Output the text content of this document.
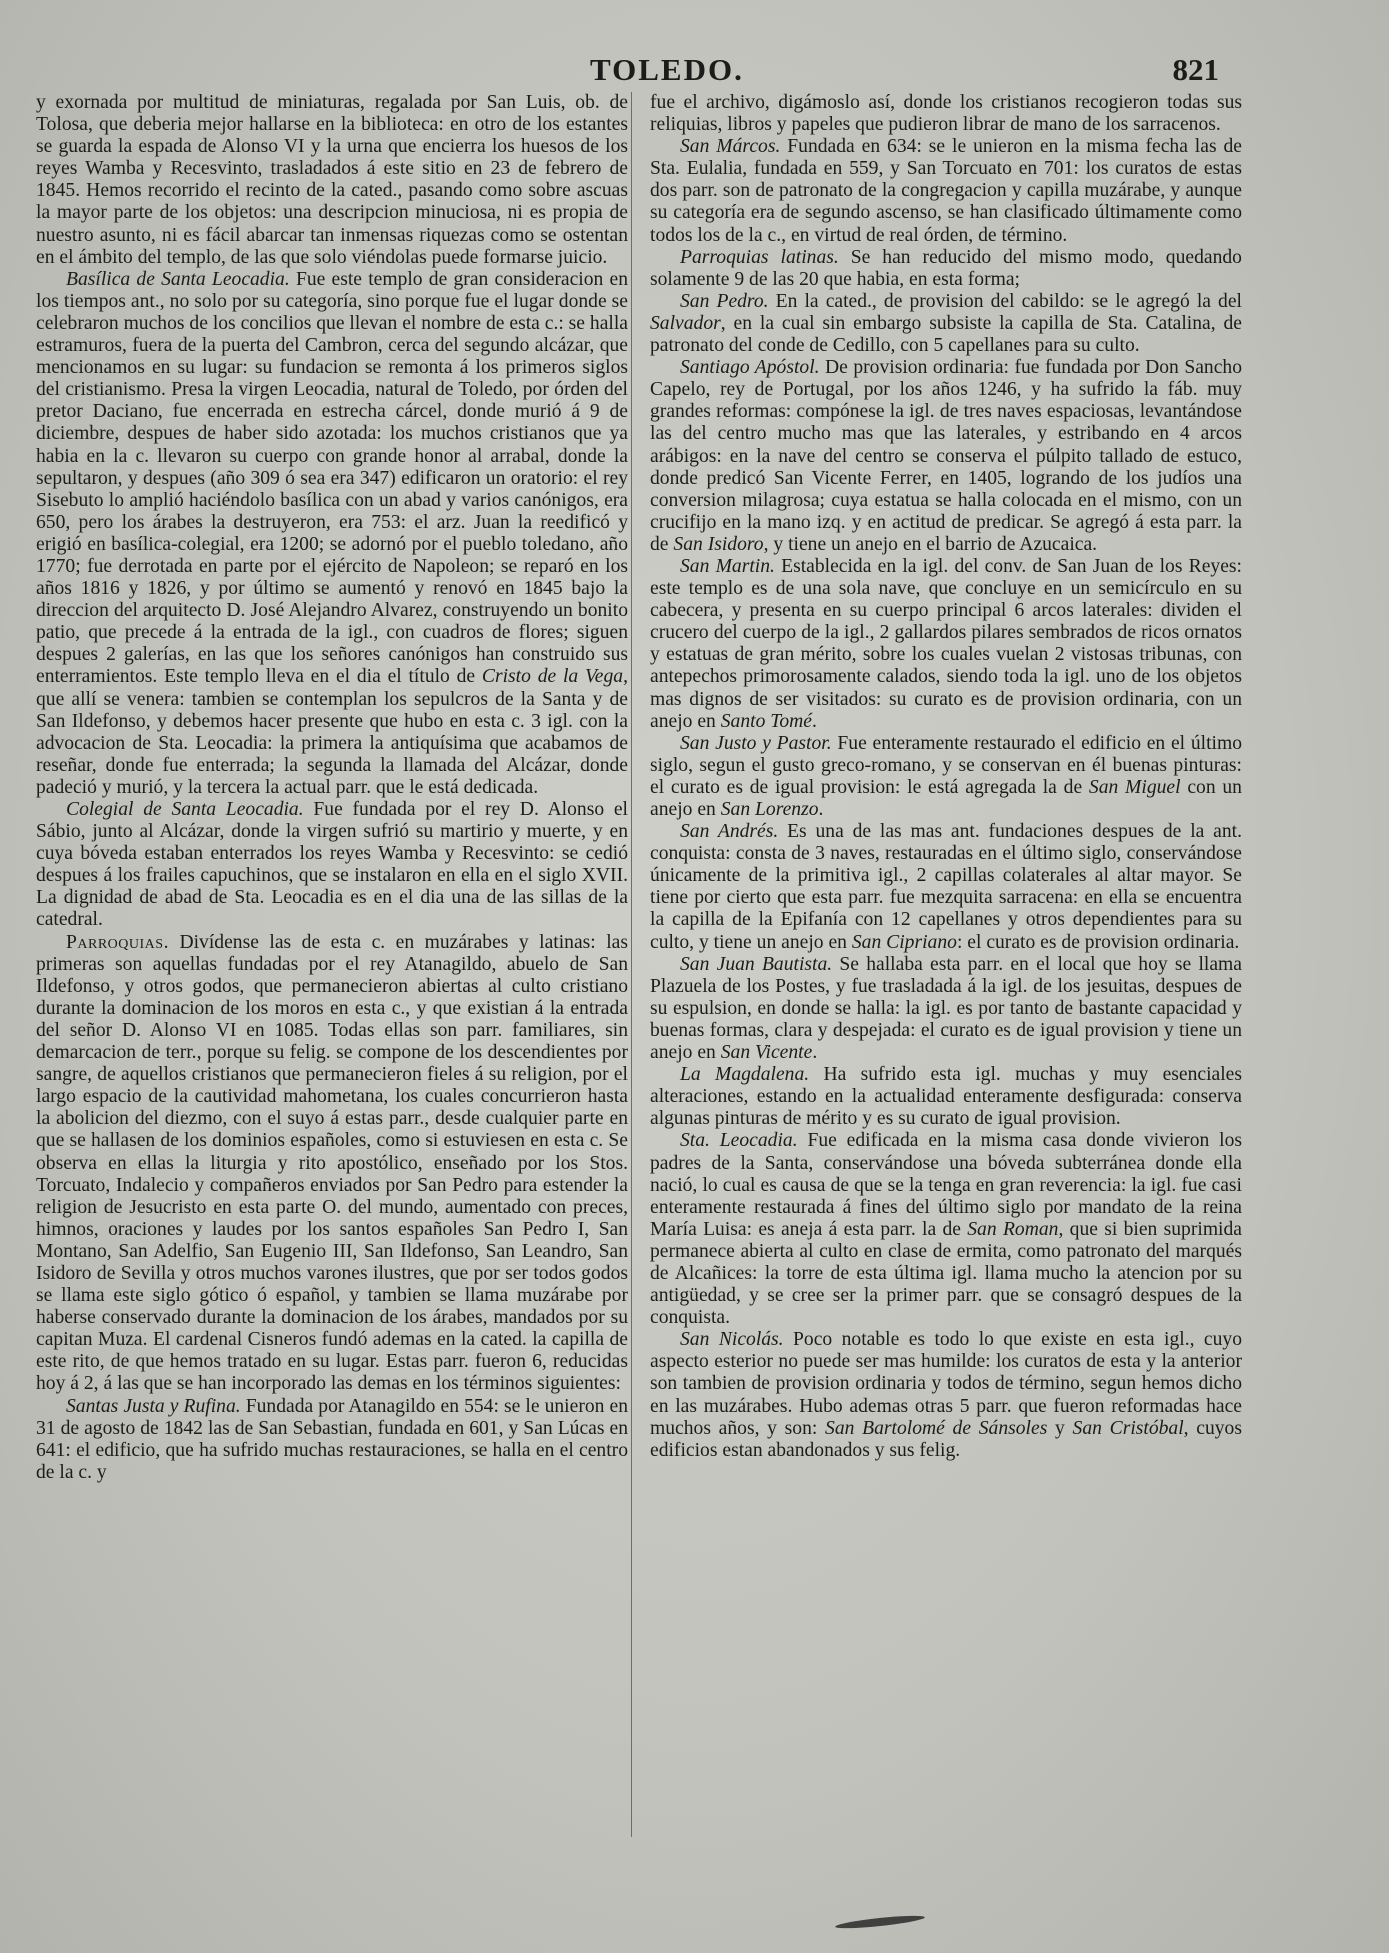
TOLEDO.	821

y exornada por multitud de miniaturas, regalada por San Luis, ob. de Tolosa, que deberia mejor hallarse en la biblioteca: en otro de los estantes se guarda la espada de Alonso VI y la urna que encierra los huesos de los reyes Wamba y Recesvinto, trasladados á este sitio en 23 de febrero de 1845. Hemos recorrido el recinto de la cated., pasando como sobre ascuas la mayor parte de los objetos: una descripcion minuciosa, ni es propia de nuestro asunto, ni es fácil abarcar tan inmensas riquezas como se ostentan en el ámbito del templo, de las que solo viéndolas puede formarse juicio.

Basílica de Santa Leocadia. Fue este templo de gran consideracion en los tiempos ant., no solo por su categoría, sino porque fue el lugar donde se celebraron muchos de los concilios que llevan el nombre de esta c.: se halla estramuros, fuera de la puerta del Cambron, cerca del segundo alcázar, que mencionamos en su lugar: su fundacion se remonta á los primeros siglos del cristianismo. Presa la virgen Leocadia, natural de Toledo, por órden del pretor Daciano, fue encerrada en estrecha cárcel, donde murió á 9 de diciembre, despues de haber sido azotada: los muchos cristianos que ya habia en la c. llevaron su cuerpo con grande honor al arrabal, donde la sepultaron, y despues (año 309 ó sea era 347) edificaron un oratorio: el rey Sisebuto lo amplió haciéndolo basílica con un abad y varios canónigos, era 650, pero los árabes la destruyeron, era 753: el arz. Juan la reedificó y erigió en basílica-colegial, era 1200; se adornó por el pueblo toledano, año 1770; fue derrotada en parte por el ejército de Napoleon; se reparó en los años 1816 y 1826, y por último se aumentó y renovó en 1845 bajo la direccion del arquitecto D. José Alejandro Alvarez, construyendo un bonito patio, que precede á la entrada de la igl., con cuadros de flores; siguen despues 2 galerías, en las que los señores canónigos han construido sus enterramientos. Este templo lleva en el dia el título de Cristo de la Vega, que allí se venera: tambien se contemplan los sepulcros de la Santa y de San Ildefonso, y debemos hacer presente que hubo en esta c. 3 igl. con la advocacion de Sta. Leocadia: la primera la antiquísima que acabamos de reseñar, donde fue enterrada; la segunda la llamada del Alcázar, donde padeció y murió, y la tercera la actual parr. que le está dedicada.

Colegial de Santa Leocadia. Fue fundada por el rey D. Alonso el Sábio, junto al Alcázar, donde la virgen sufrió su martirio y muerte, y en cuya bóveda estaban enterrados los reyes Wamba y Recesvinto: se cedió despues á los frailes capuchinos, que se instalaron en ella en el siglo XVII. La dignidad de abad de Sta. Leocadia es en el dia una de las sillas de la catedral.

Parroquias. Divídense las de esta c. en muzárabes y latinas: las primeras son aquellas fundadas por el rey Atanagildo, abuelo de San Ildefonso, y otros godos, que permanecieron abiertas al culto cristiano durante la dominacion de los moros en esta c., y que existian á la entrada del señor D. Alonso VI en 1085. Todas ellas son parr. familiares, sin demarcacion de terr., porque su felig. se compone de los descendientes por sangre, de aquellos cristianos que permanecieron fieles á su religion, por el largo espacio de la cautividad mahometana, los cuales concurrieron hasta la abolicion del diezmo, con el suyo á estas parr., desde cualquier parte en que se hallasen de los dominios españoles, como si estuviesen en esta c. Se observa en ellas la liturgia y rito apostólico, enseñado por los Stos. Torcuato, Indalecio y compañeros enviados por San Pedro para estender la religion de Jesucristo en esta parte O. del mundo, aumentado con preces, himnos, oraciones y laudes por los santos españoles San Pedro I, San Montano, San Adelfio, San Eugenio III, San Ildefonso, San Leandro, San Isidoro de Sevilla y otros muchos varones ilustres, que por ser todos godos se llama este siglo gótico ó español, y tambien se llama muzárabe por haberse conservado durante la dominacion de los árabes, mandados por su capitan Muza. El cardenal Cisneros fundó ademas en la cated. la capilla de este rito, de que hemos tratado en su lugar. Estas parr. fueron 6, reducidas hoy á 2, á las que se han incorporado las demas en los términos siguientes:

Santas Justa y Rufina. Fundada por Atanagildo en 554: se le unieron en 31 de agosto de 1842 las de San Sebastian, fundada en 601, y San Lúcas en 641: el edificio, que ha sufrido muchas restauraciones, se halla en el centro de la c. y

fue el archivo, digámoslo así, donde los cristianos recogieron todas sus reliquias, libros y papeles que pudieron librar de mano de los sarracenos.

San Márcos. Fundada en 634: se le unieron en la misma fecha las de Sta. Eulalia, fundada en 559, y San Torcuato en 701: los curatos de estas dos parr. son de patronato de la congregacion y capilla muzárabe, y aunque su categoría era de segundo ascenso, se han clasificado últimamente como todos los de la c., en virtud de real órden, de término.

Parroquias latinas. Se han reducido del mismo modo, quedando solamente 9 de las 20 que habia, en esta forma;

San Pedro. En la cated., de provision del cabildo: se le agregó la del Salvador, en la cual sin embargo subsiste la capilla de Sta. Catalina, de patronato del conde de Cedillo, con 5 capellanes para su culto.

Santiago Apóstol. De provision ordinaria: fue fundada por Don Sancho Capelo, rey de Portugal, por los años 1246, y ha sufrido la fáb. muy grandes reformas: compónese la igl. de tres naves espaciosas, levantándose las del centro mucho mas que las laterales, y estribando en 4 arcos arábigos: en la nave del centro se conserva el púlpito tallado de estuco, donde predicó San Vicente Ferrer, en 1405, logrando de los judíos una conversion milagrosa; cuya estatua se halla colocada en el mismo, con un crucifijo en la mano izq. y en actitud de predicar. Se agregó á esta parr. la de San Isidoro, y tiene un anejo en el barrio de Azucaica.

San Martin. Establecida en la igl. del conv. de San Juan de los Reyes: este templo es de una sola nave, que concluye en un semicírculo en su cabecera, y presenta en su cuerpo principal 6 arcos laterales: dividen el crucero del cuerpo de la igl., 2 gallardos pilares sembrados de ricos ornatos y estatuas de gran mérito, sobre los cuales vuelan 2 vistosas tribunas, con antepechos primorosamente calados, siendo toda la igl. uno de los objetos mas dignos de ser visitados: su curato es de provision ordinaria, con un anejo en Santo Tomé.

San Justo y Pastor. Fue enteramente restaurado el edificio en el último siglo, segun el gusto greco-romano, y se conservan en él buenas pinturas: el curato es de igual provision: le está agregada la de San Miguel con un anejo en San Lorenzo.

San Andrés. Es una de las mas ant. fundaciones despues de la ant. conquista: consta de 3 naves, restauradas en el último siglo, conservándose únicamente de la primitiva igl., 2 capillas colaterales al altar mayor. Se tiene por cierto que esta parr. fue mezquita sarracena: en ella se encuentra la capilla de la Epifanía con 12 capellanes y otros dependientes para su culto, y tiene un anejo en San Cipriano: el curato es de provision ordinaria.

San Juan Bautista. Se hallaba esta parr. en el local que hoy se llama Plazuela de los Postes, y fue trasladada á la igl. de los jesuitas, despues de su espulsion, en donde se halla: la igl. es por tanto de bastante capacidad y buenas formas, clara y despejada: el curato es de igual provision y tiene un anejo en San Vicente.

La Magdalena. Ha sufrido esta igl. muchas y muy esenciales alteraciones, estando en la actualidad enteramente desfigurada: conserva algunas pinturas de mérito y es su curato de igual provision.

Sta. Leocadia. Fue edificada en la misma casa donde vivieron los padres de la Santa, conservándose una bóveda subterránea donde ella nació, lo cual es causa de que se la tenga en gran reverencia: la igl. fue casi enteramente restaurada á fines del último siglo por mandato de la reina María Luisa: es aneja á esta parr. la de San Roman, que si bien suprimida permanece abierta al culto en clase de ermita, como patronato del marqués de Alcañices: la torre de esta última igl. llama mucho la atencion por su antigüedad, y se cree ser la primer parr. que se consagró despues de la conquista.

San Nicolás. Poco notable es todo lo que existe en esta igl., cuyo aspecto esterior no puede ser mas humilde: los curatos de esta y la anterior son tambien de provision ordinaria y todos de término, segun hemos dicho en las muzárabes. Hubo ademas otras 5 parr. que fueron reformadas hace muchos años, y son: San Bartolomé de Sánsoles y San Cristóbal, cuyos edificios estan abandonados y sus felig.
